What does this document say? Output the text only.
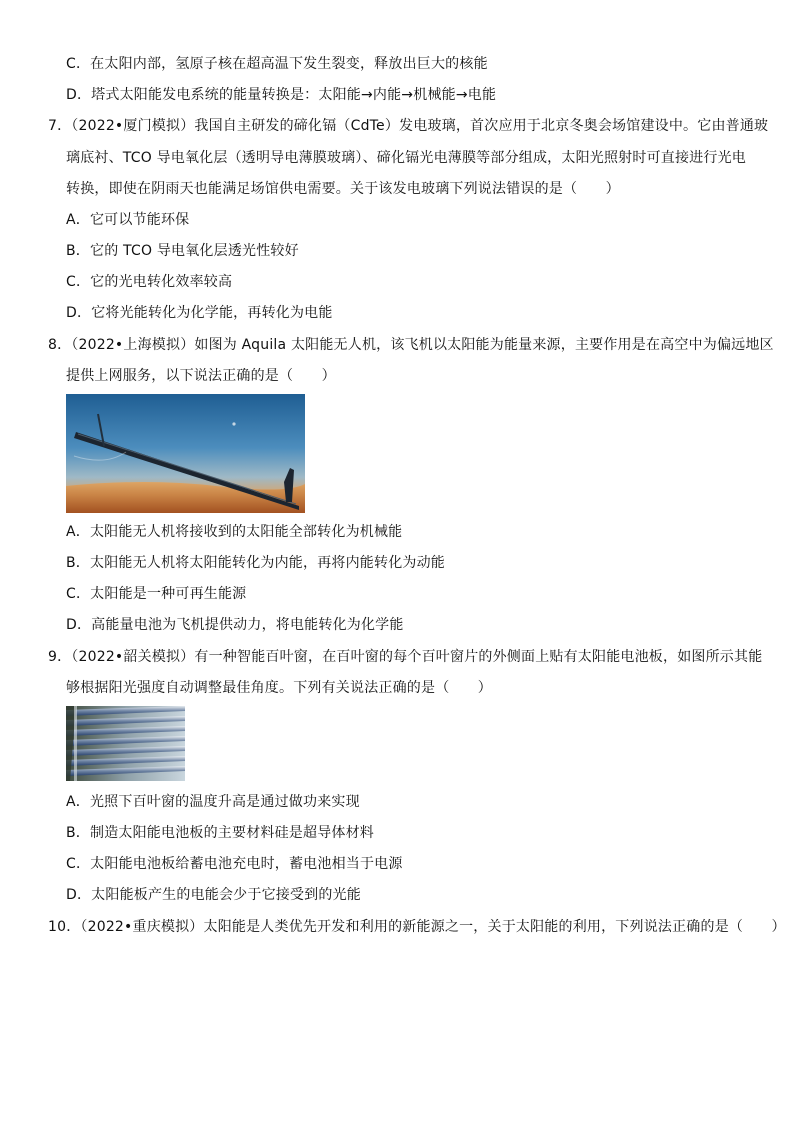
C．在太阳内部，氢原子核在超高温下发生裂变，释放出巨大的核能
D．塔式太阳能发电系统的能量转换是：太阳能→内能→机械能→电能
7．（2022•厦门模拟）我国自主研发的碲化镉（CdTe）发电玻璃，首次应用于北京冬奥会场馆建设中。它由普通玻
璃底衬、TCO 导电氧化层（透明导电薄膜玻璃）、碲化镉光电薄膜等部分组成，太阳光照射时可直接进行光电
转换，即使在阴雨天也能满足场馆供电需要。关于该发电玻璃下列说法错误的是（　　）
A．它可以节能环保
B．它的 TCO 导电氧化层透光性较好
C．它的光电转化效率较高
D．它将光能转化为化学能，再转化为电能
8．（2022•上海模拟）如图为 Aquila 太阳能无人机，该飞机以太阳能为能量来源，主要作用是在高空中为偏远地区
提供上网服务，以下说法正确的是（　　）
A．太阳能无人机将接收到的太阳能全部转化为机械能
B．太阳能无人机将太阳能转化为内能，再将内能转化为动能
C．太阳能是一种可再生能源
D．高能量电池为飞机提供动力，将电能转化为化学能
9．（2022•韶关模拟）有一种智能百叶窗，在百叶窗的每个百叶窗片的外侧面上贴有太阳能电池板，如图所示其能
够根据阳光强度自动调整最佳角度。下列有关说法正确的是（　　）
A．光照下百叶窗的温度升高是通过做功来实现
B．制造太阳能电池板的主要材料硅是超导体材料
C．太阳能电池板给蓄电池充电时，蓄电池相当于电源
D．太阳能板产生的电能会少于它接受到的光能
10．（2022•重庆模拟）太阳能是人类优先开发和利用的新能源之一，关于太阳能的利用，下列说法正确的是（　　）
